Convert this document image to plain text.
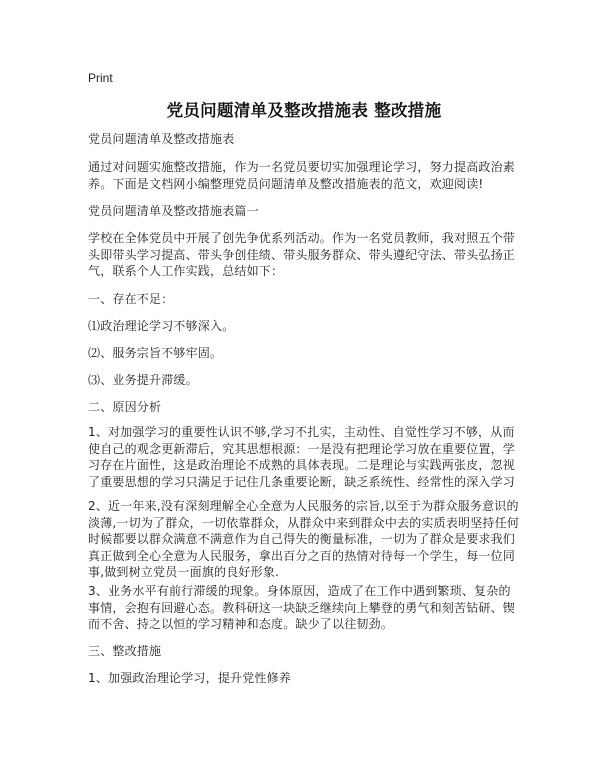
Print
党员问题清单及整改措施表 整改措施

党员问题清单及整改措施表

通过对问题实施整改措施，作为一名党员要切实加强理论学习，努力提高政治素养。下面是文档网小编整理党员问题清单及整改措施表的范文，欢迎阅读!

党员问题清单及整改措施表篇一

学校在全体党员中开展了创先争优系列活动。作为一名党员教师，我对照五个带头即带头学习提高、带头争创佳绩、带头服务群众、带头遵纪守法、带头弘扬正气，联系个人工作实践，总结如下：

一、存在不足：

⑴政治理论学习不够深入。

⑵、服务宗旨不够牢固。

⑶、业务提升滞缓。

二、原因分析

1、对加强学习的重要性认识不够,学习不扎实，主动性、自觉性学习不够，从而使自己的观念更新滞后，究其思想根源：一是没有把理论学习放在重要位置，学习存在片面性，这是政治理论不成熟的具体表现。二是理论与实践两张皮，忽视了重要思想的学习只满足于记住几条重要论断，缺乏系统性、经常性的深入学习

2、近一年来,没有深刻理解全心全意为人民服务的宗旨,以至于为群众服务意识的淡薄,一切为了群众，一切依靠群众，从群众中来到群众中去的实质表明坚持任何时候都要以群众满意不满意作为自己得失的衡量标准，一切为了群众是要求我们真正做到全心全意为人民服务，拿出百分之百的热情对待每一个学生，每一位同事,做到树立党员一面旗的良好形象.

3、业务水平有前行滞缓的现象。身体原因，造成了在工作中遇到繁琐、复杂的事情，会抱有回避心态。教科研这一块缺乏继续向上攀登的勇气和刻苦钻研、锲而不舍、持之以恒的学习精神和态度。缺少了以往韧劲。

三、整改措施

1、加强政治理论学习，提升党性修养
